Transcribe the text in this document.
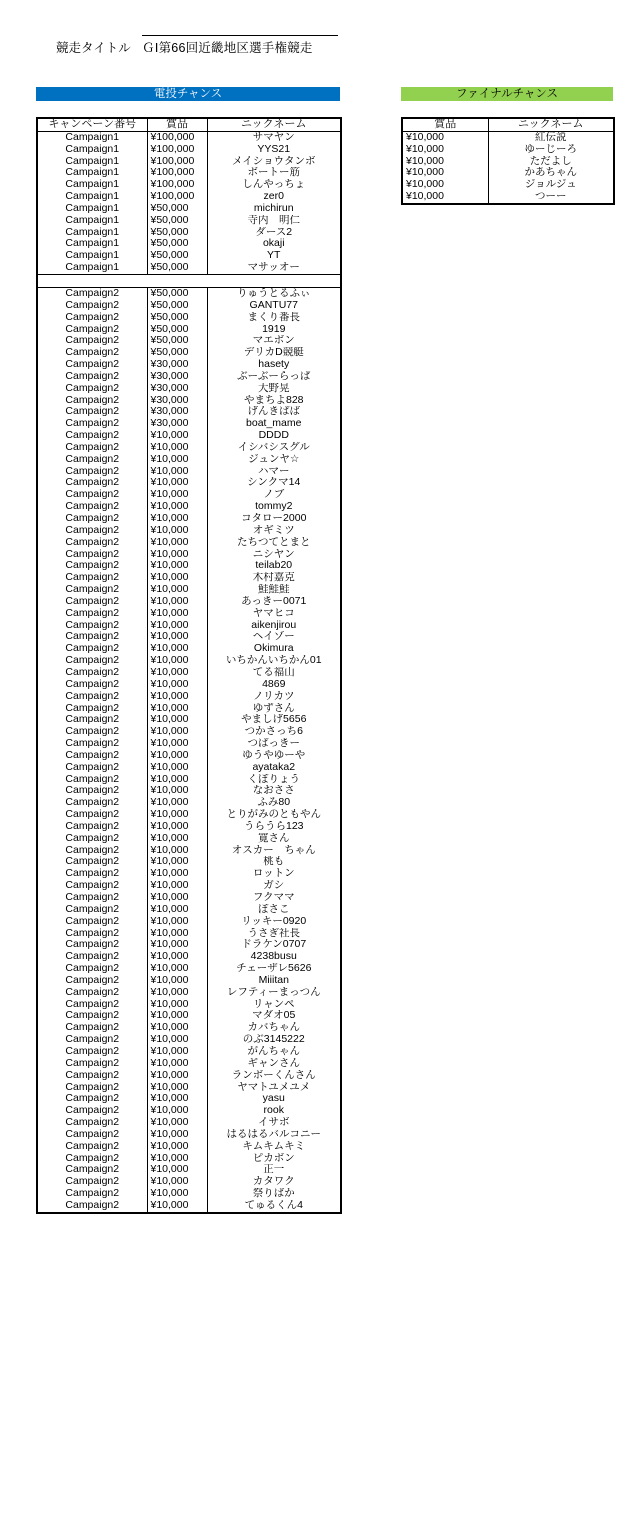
競走タイトル ＧⅠ第66回近畿地区選手権競走
電投チャンス	ファイナルチャンス
キャンペーン番号	賞品	ニックネーム
Campaign1	¥100,000	サマヤン
Campaign1	¥100,000	YYS21
Campaign1	¥100,000	メイショウタンボ
Campaign1	¥100,000	ボートー筋
Campaign1	¥100,000	しんやっちょ
Campaign1	¥100,000	zer0
Campaign1	¥50,000	michirun
Campaign1	¥50,000	寺内　明仁
Campaign1	¥50,000	ダース2
Campaign1	¥50,000	okaji
Campaign1	¥50,000	YT
Campaign1	¥50,000	マサッオー

Campaign2	¥50,000	りゅうとるふぃ
Campaign2	¥50,000	GANTU77
Campaign2	¥50,000	まくり番長
Campaign2	¥50,000	1919
Campaign2	¥50,000	マエボン
Campaign2	¥50,000	デリカD競艇
Campaign2	¥30,000	hasety
Campaign2	¥30,000	ぶーぶーらっぱ
Campaign2	¥30,000	大野晃
Campaign2	¥30,000	やまちよ828
Campaign2	¥30,000	げんきばば
Campaign2	¥30,000	boat_mame
Campaign2	¥10,000	DDDD
Campaign2	¥10,000	イシバシスグル
Campaign2	¥10,000	ジュンヤ☆
Campaign2	¥10,000	ハマー
Campaign2	¥10,000	シンクマ14
Campaign2	¥10,000	ノブ
Campaign2	¥10,000	tommy2
Campaign2	¥10,000	コタロー2000
Campaign2	¥10,000	オギミツ
Campaign2	¥10,000	たちつてとまと
Campaign2	¥10,000	ニシヤン
Campaign2	¥10,000	teilab20
Campaign2	¥10,000	木村嘉克
Campaign2	¥10,000	鮭鮭鮭
Campaign2	¥10,000	あっきー0071
Campaign2	¥10,000	ヤマヒコ
Campaign2	¥10,000	aikenjirou
Campaign2	¥10,000	ヘイゾー
Campaign2	¥10,000	Okimura
Campaign2	¥10,000	いちかんいちかん01
Campaign2	¥10,000	てる福山
Campaign2	¥10,000	4869
Campaign2	¥10,000	ノリカツ
Campaign2	¥10,000	ゆずさん
Campaign2	¥10,000	やましげ5656
Campaign2	¥10,000	つかさっち6
Campaign2	¥10,000	つばっきー
Campaign2	¥10,000	ゆうやゆーや
Campaign2	¥10,000	ayataka2
Campaign2	¥10,000	くぼりょう
Campaign2	¥10,000	なおささ
Campaign2	¥10,000	ふみ80
Campaign2	¥10,000	とりがみのともやん
Campaign2	¥10,000	うらうら123
Campaign2	¥10,000	寛さん
Campaign2	¥10,000	オスカー　ちゃん
Campaign2	¥10,000	桃も
Campaign2	¥10,000	ロットン
Campaign2	¥10,000	ガシ
Campaign2	¥10,000	フクママ
Campaign2	¥10,000	ぼさこ
Campaign2	¥10,000	リッキー0920
Campaign2	¥10,000	うさぎ社長
Campaign2	¥10,000	ドラケン0707
Campaign2	¥10,000	4238busu
Campaign2	¥10,000	チェーザレ5626
Campaign2	¥10,000	Miiitan
Campaign2	¥10,000	レフティーまっつん
Campaign2	¥10,000	リャンペ
Campaign2	¥10,000	マダオ05
Campaign2	¥10,000	カバちゃん
Campaign2	¥10,000	のぶ3145222
Campaign2	¥10,000	がんちゃん
Campaign2	¥10,000	ギャンさん
Campaign2	¥10,000	ランボーくんさん
Campaign2	¥10,000	ヤマトユメユメ
Campaign2	¥10,000	yasu
Campaign2	¥10,000	rook
Campaign2	¥10,000	イサボ
Campaign2	¥10,000	はるはるバルコニー
Campaign2	¥10,000	キムキムキミ
Campaign2	¥10,000	ピカボン
Campaign2	¥10,000	正一
Campaign2	¥10,000	カタワク
Campaign2	¥10,000	祭りばか
Campaign2	¥10,000	てゅるくん4
賞品	ニックネーム
¥10,000	紅伝説
¥10,000	ゆーじーろ
¥10,000	ただよし
¥10,000	かあちゃん
¥10,000	ジョルジュ
¥10,000	つーー
